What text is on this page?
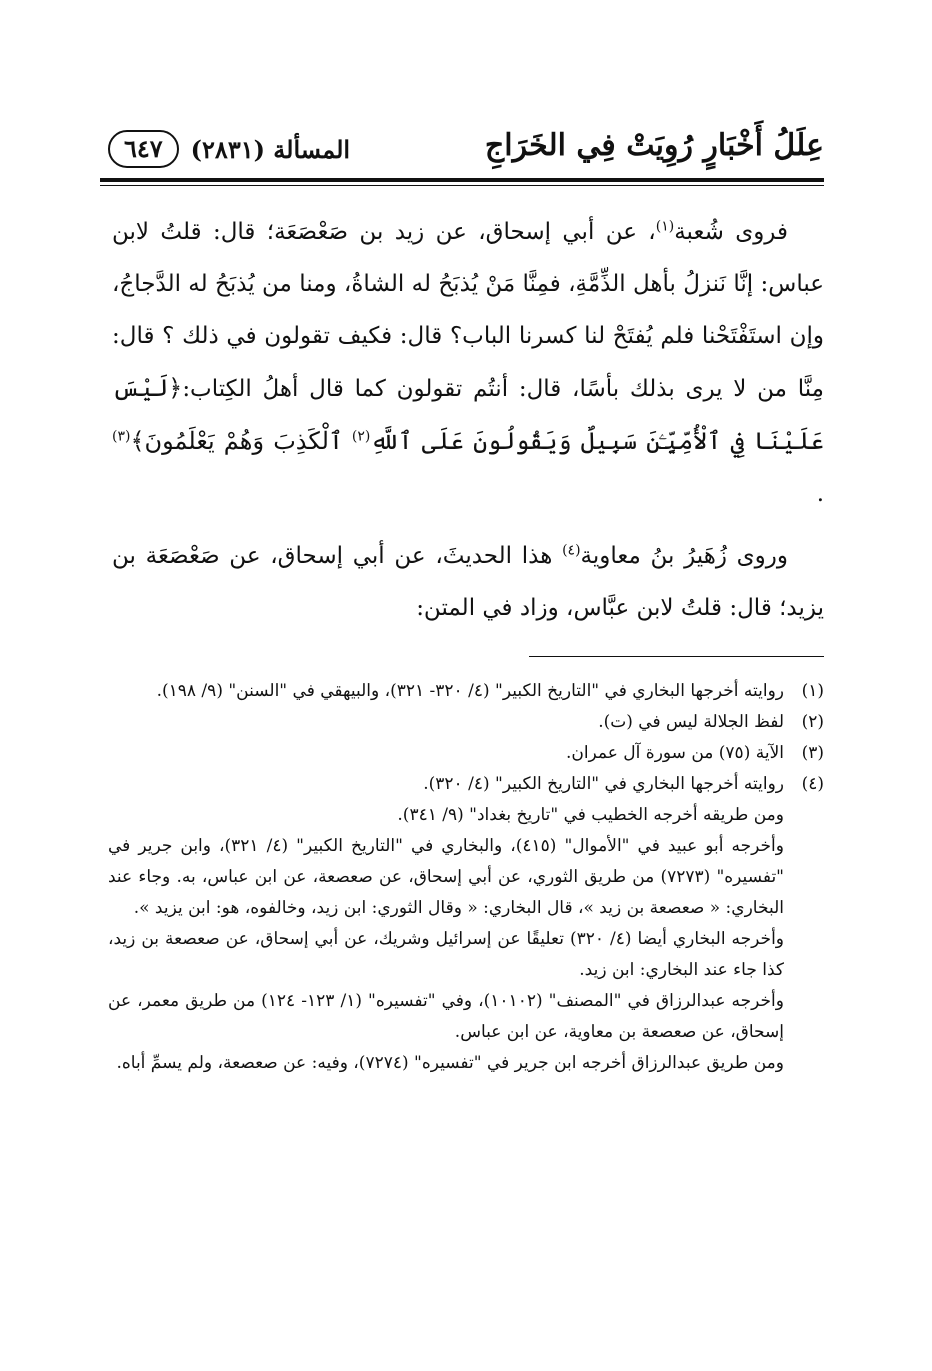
عِلَلُ أَخْبَارٍ رُوِيَتْ فِي الخَرَاجِ
المسألة (٢٨٣١)
٦٤٧

فروى شُعبة$^{(١)}$، عن أبي إسحاق، عن زيد بن صَعْصَعَة؛ قال: قلتُ لابن عباس: إنَّا نَنزلُ بأهل الذِّمَّةِ، فمِنَّا مَنْ يُذبَحُ له الشاةُ، ومنا من يُذبَحُ له الدَّجاجُ، وإن استَفْتَحْنا فلم يُفتَحْ لنا كسرنا الباب؟ قال: فكيف تقولون في ذلك ؟ قال: مِنَّا من لا يرى بذلك بأسًا، قال: أنتُم تقولون كما قال أهلُ الكِتاب:﴿لَيْسَ عَلَيْنَا فِي ٱلْأُمِّيِّـۧنَ سَبِيلٌ وَيَقُولُونَ عَلَى ٱللَّهِ$^{(٢)}$ ٱلْكَذِبَ وَهُمْ يَعْلَمُونَ﴾$^{(٣)}$ .

وروى زُهَيرُ بنُ معاوية$^{(٤)}$ هذا الحديثَ، عن أبي إسحاق، عن صَعْصَعَة بن يزيد؛ قال: قلتُ لابن عبَّاس، وزاد في المتن:

(١)
روايته أخرجها البخاري في "التاريخ الكبير" (٤/ ٣٢٠- ٣٢١)، والبيهقي في "السنن" (٩/ ١٩٨).
(٢)
لفظ الجلالة ليس في (ت).
(٣)
الآية (٧٥) من سورة آل عمران.
(٤)
روايته أخرجها البخاري في "التاريخ الكبير" (٤/ ٣٢٠).
ومن طريقه أخرجه الخطيب في "تاريخ بغداد" (٩/ ٣٤١).
وأخرجه أبو عبيد في "الأموال" (٤١٥)، والبخاري في "التاريخ الكبير" (٤/ ٣٢١)، وابن جرير في "تفسيره" (٧٢٧٣) من طريق الثوري، عن أبي إسحاق، عن صعصعة، عن ابن عباس، به. وجاء عند البخاري: « صعصعة بن زيد »، قال البخاري: « وقال الثوري: ابن زيد، وخالفوه، هو: ابن يزيد ».
وأخرجه البخاري أيضا (٤/ ٣٢٠) تعليقًا عن إسرائيل وشريك، عن أبي إسحاق، عن صعصعة بن زيد، كذا جاء عند البخاري: ابن زيد.
وأخرجه عبدالرزاق في "المصنف" (١٠١٠٢)، وفي "تفسيره" (١/ ١٢٣- ١٢٤) من طريق معمر، عن إسحاق، عن صعصعة بن معاوية، عن ابن عباس.
ومن طريق عبدالرزاق أخرجه ابن جرير في "تفسيره" (٧٢٧٤)، وفيه: عن صعصعة، ولم يسمِّ أباه.
